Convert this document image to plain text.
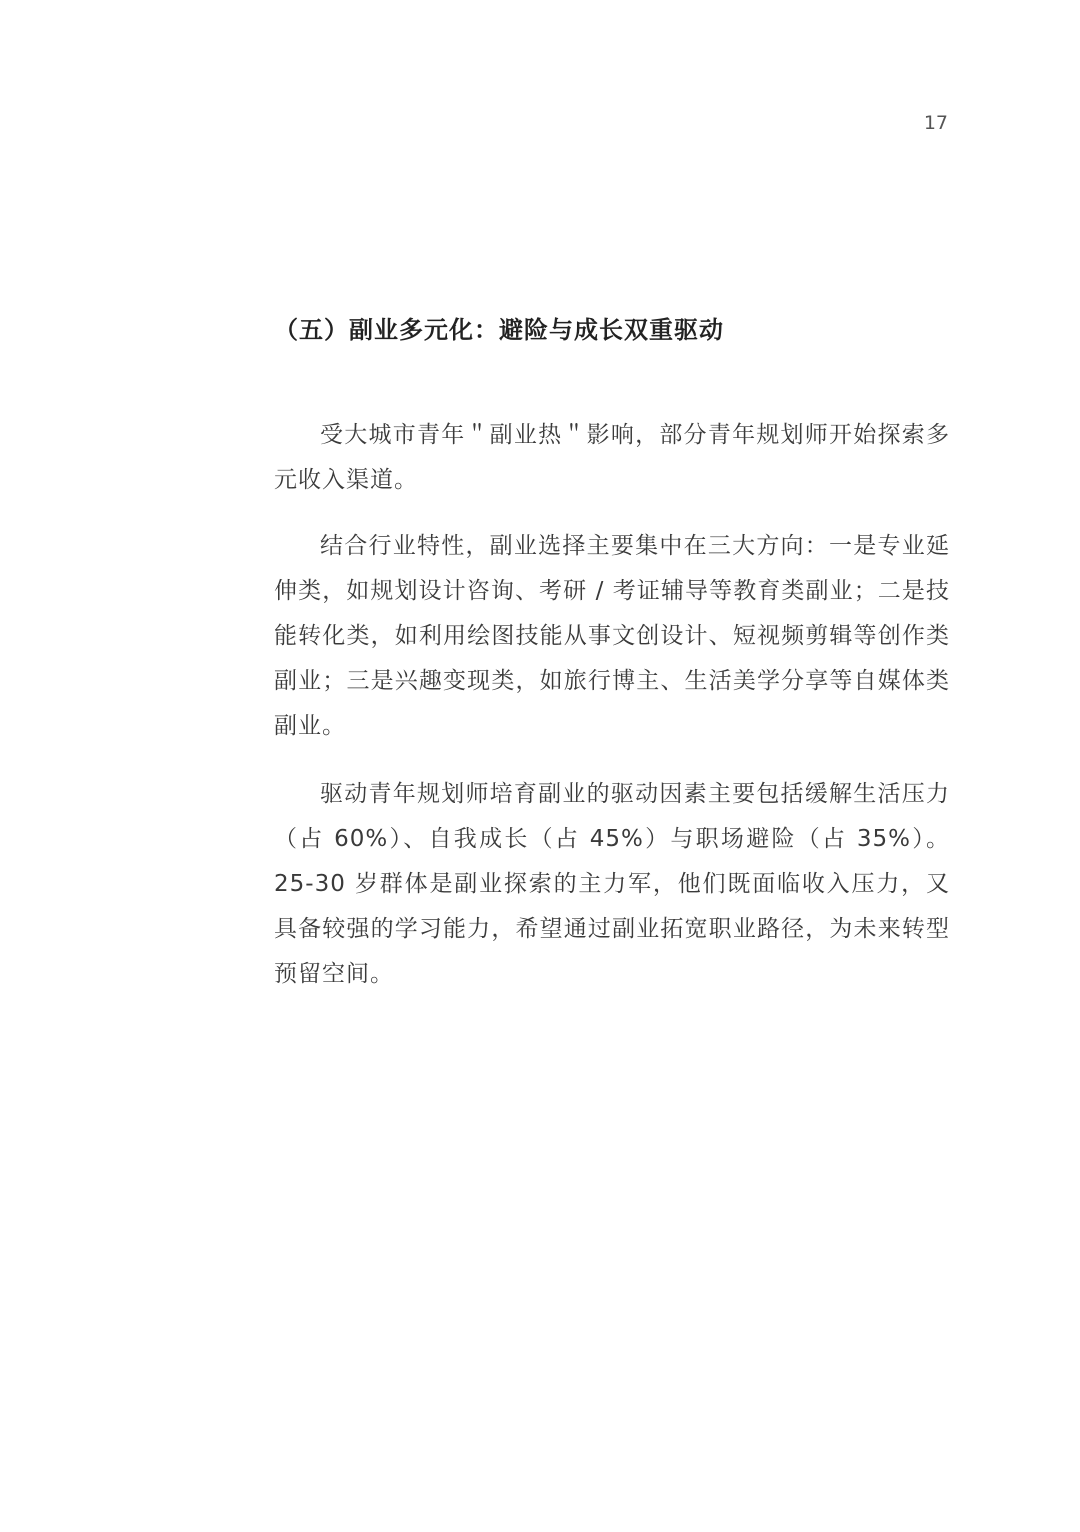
17
（五）副业多元化：避险与成长双重驱动

受大城市青年＂副业热＂影响，部分青年规划师开始探索多元收入渠道。

结合行业特性，副业选择主要集中在三大方向：一是专业延伸类，如规划设计咨询、考研 / 考证辅导等教育类副业；二是技能转化类，如利用绘图技能从事文创设计、短视频剪辑等创作类副业；三是兴趣变现类，如旅行博主、生活美学分享等自媒体类副业。

驱动青年规划师培育副业的驱动因素主要包括缓解生活压力（占 60%）、自我成长（占 45%）与职场避险（占 35%）。25-30 岁群体是副业探索的主力军，他们既面临收入压力，又具备较强的学习能力，希望通过副业拓宽职业路径，为未来转型预留空间。
